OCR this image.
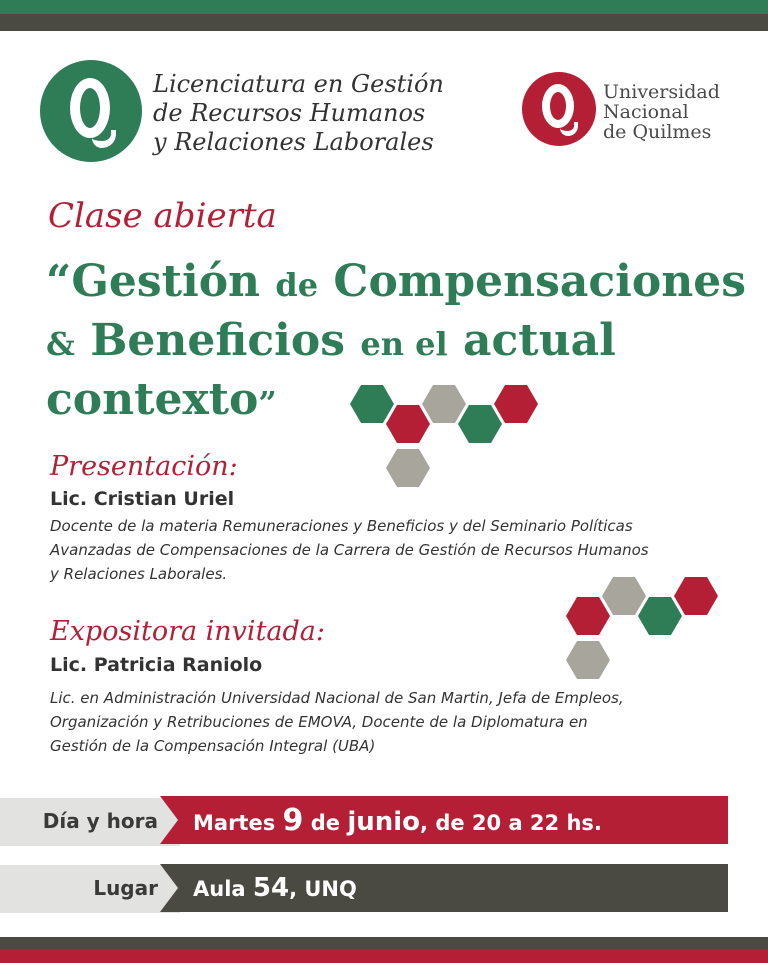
Licenciatura en Gestión
de Recursos Humanos
y Relaciones Laborales
Universidad
Nacional
de Quilmes
Clase abierta
“Gestión de Compensaciones
& Beneficios en el actual
contexto”
Presentación:
Lic. Cristian Uriel
Docente de la materia Remuneraciones y Beneficios y del Seminario Políticas
Avanzadas de Compensaciones de la Carrera de Gestión de Recursos Humanos
y Relaciones Laborales.
Expositora invitada:
Lic. Patricia Raniolo
Lic. en Administración Universidad Nacional de San Martin, Jefa de Empleos,
Organización y Retribuciones de EMOVA, Docente de la Diplomatura en
Gestión de la Compensación Integral (UBA)
Día y hora Martes 9 de junio, de 20 a 22 hs.
Lugar Aula 54, UNQ
